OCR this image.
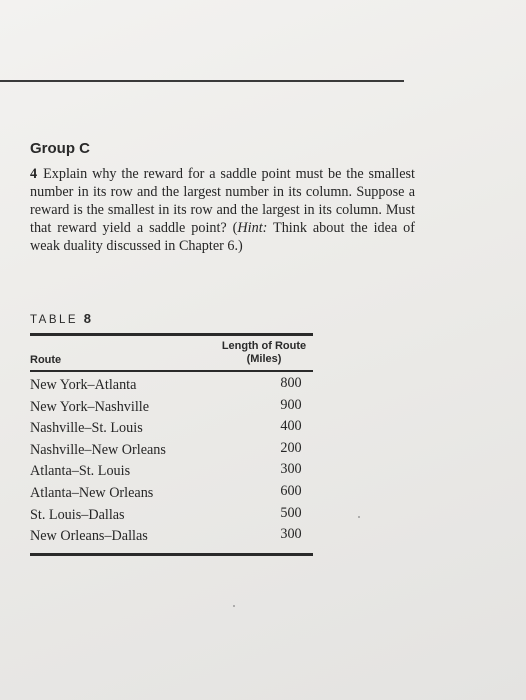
Group C
4 Explain why the reward for a saddle point must be the smallest number in its row and the largest number in its column. Suppose a reward is the smallest in its row and the largest in its column. Must that reward yield a saddle point? (Hint: Think about the idea of weak duality discussed in Chapter 6.)
TABLE 8
Route
Length of Route
(Miles)
New York–Atlanta	800
New York–Nashville	900
Nashville–St. Louis	400
Nashville–New Orleans	200
Atlanta–St. Louis	300
Atlanta–New Orleans	600
St. Louis–Dallas	500
New Orleans–Dallas	300
